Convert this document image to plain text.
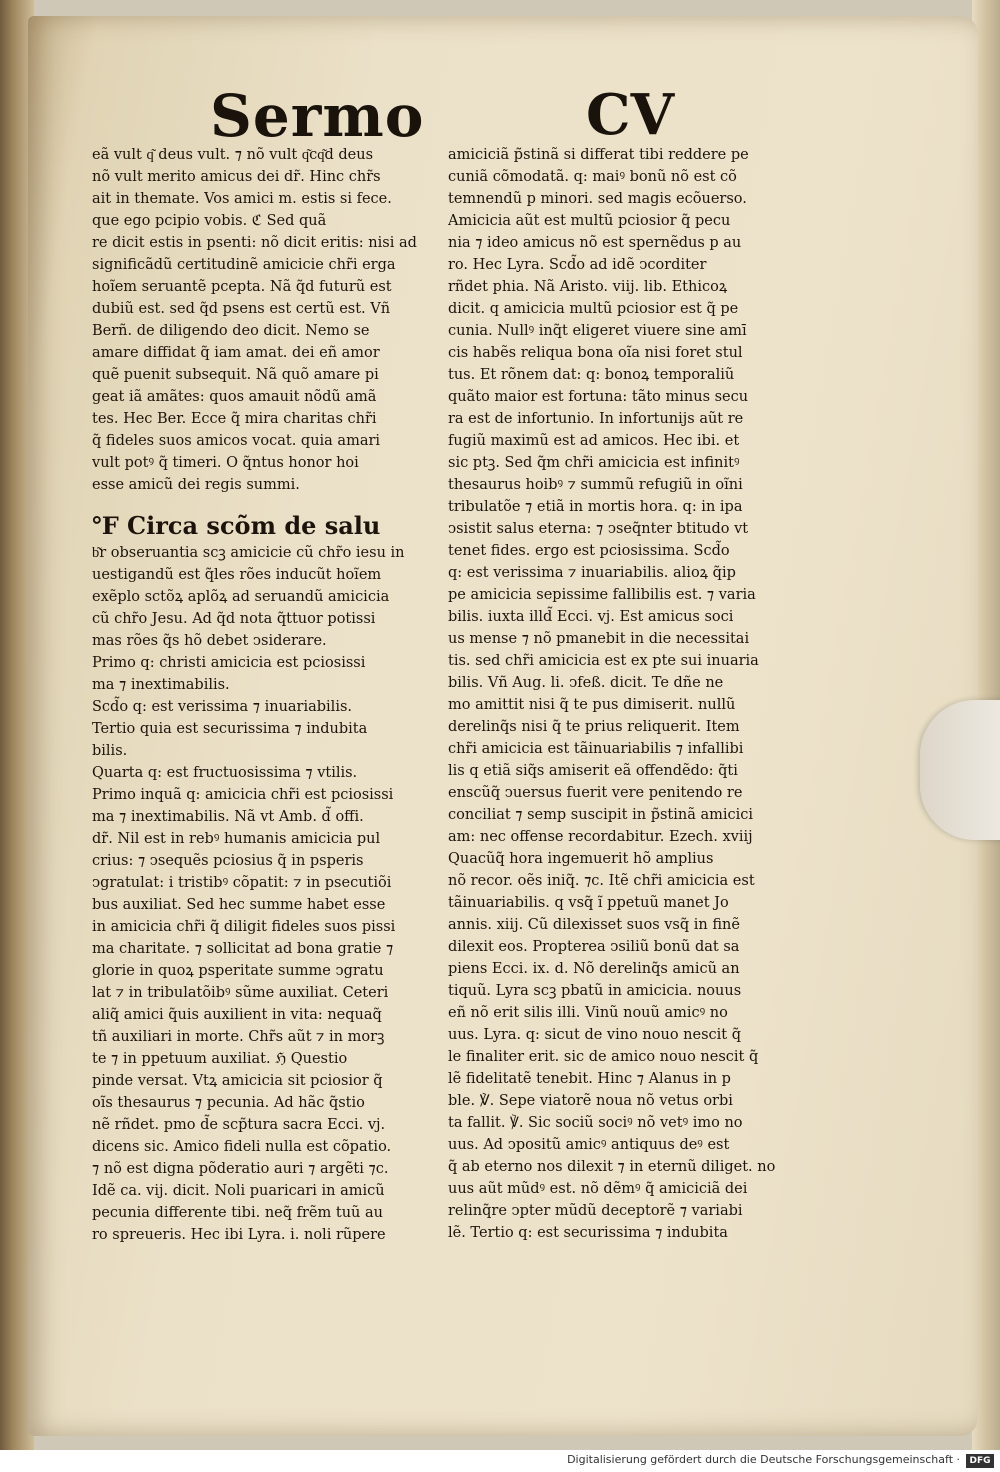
Sermo	CV
eã vult q͂ deus vult. ⁊ nõ vult q͂cq͂d deus
nõ vult merito amicus dei dr̃. Hinc chr̃s
ait in themate. Vos amici m. estis si fece.
que ego pcipio vobis. ℭ Sed quã
re dicit estis in psenti: nõ dicit eritis: nisi ad
significãdũ certitudinẽ amicicie chr̃i erga
hoĩem seruantẽ pcepta. Nã q̃d futurũ est
dubiũ est. sed q̃d psens est certũ est. Vñ
Berñ. de diligendo deo dicit. Nemo se
amare diffidat q̃ iam amat. dei eñ amor
quẽ puenit subsequit. Nã quõ amare pi
geat iã amãtes: quos amauit nõdũ amã
tes. Hec Ber. Ecce q̃ mira charitas chr̃i
q̃ fideles suos amicos vocat. quia amari
vult potꝰ q̃ timeri. O q̃ntus honor hoi
esse amicũ dei regis summi.
℉ Circa scõm de salu
b͂r obseruantia scꝫ amicicie cũ chr̃o iesu in
uestigandũ est q̃les rões inducũt hoĩem
exẽplo sctõꝝ aplõꝝ ad seruandũ amicicia
cũ chr̃o Jesu. Ad q̃d nota q̃ttuor potissi
mas rões q̃s hõ debet ↄsiderare.
Primo q: christi amicicia est pciosissi
ma ⁊ inextimabilis.
Scd̃o q: est verissima ⁊ inuariabilis.
Tertio quia est securissima ⁊ indubita
bilis.
Quarta q: est fructuosissima ⁊ vtilis.
Primo inquã q: amicicia chr̃i est pciosissi
ma ⁊ inextimabilis. Nã vt Amb. d̃ offi.
dr̃. Nil est in rebꝰ humanis amicicia pul
crius: ⁊ ↄsequẽs pciosius q̃ in psperis
ↄgratulat: i tristibꝰ cõpatit: ⁊ in psecutiõi
bus auxiliat. Sed hec summe habet esse
in amicicia chr̃i q̃ diligit fideles suos pissi
ma charitate. ⁊ sollicitat ad bona gratie ⁊
glorie in quoꝝ psperitate summe ↄgratu
lat ⁊ in tribulatõibꝰ sũme auxiliat. Ceteri
aliq̃ amici q̃uis auxilient in vita: nequaq̃
tñ auxiliari in morte. Chr̃s aũt ⁊ in morꝫ
te ⁊ in ppetuum auxiliat. ℌ Questio
pinde versat. Vtꝝ amicicia sit pciosior q̃
oĩs thesaurus ⁊ pecunia. Ad hãc q̃stio
nẽ rñdet. pmo d̃e scp̃tura sacra Ecci. vj.
dicens sic. Amico fideli nulla est cõpatio.
⁊ nõ est digna põderatio auri ⁊ argẽti ⁊c.
Idẽ ca. vij. dicit. Noli puaricari in amicũ
pecunia differente tibi. neq̃ frẽm tuũ au
ro spreueris. Hec ibi Lyra. i. noli rũpere
amiciciã p̃stinã si differat tibi reddere pe
cuniã cõmodatã. q: maiꝰ bonũ nõ est cõ
temnendũ p minori. sed magis ecõuerso.
Amicicia aũt est multũ pciosior q̃ pecu
nia ⁊ ideo amicus nõ est spernẽdus p au
ro. Hec Lyra. Scd̃o ad idẽ ↄcorditer
rñdet phia. Nã Aristo. viij. lib. Ethicoꝝ
dicit. q amicicia multũ pciosior est q̃ pe
cunia. Nullꝰ inq̃t eligeret viuere sine amī
cis habẽs reliqua bona oĩa nisi foret stul
tus. Et rõnem dat: q: bonoꝝ temporaliũ
quãto maior est fortuna: tãto minus secu
ra est de infortunio. In infortunijs aũt re
fugiũ maximũ est ad amicos. Hec ibi. et
sic ptꝫ. Sed q̃m chr̃i amicicia est infinitꝰ
thesaurus hoibꝰ ⁊ summũ refugiũ in oĩni
tribulatõe ⁊ etiã in mortis hora. q: in ipa
ↄsistit salus eterna: ⁊ ↄseq̃nter btitudo vt
tenet fides. ergo est pciosissima. Scd̃o
q: est verissima ⁊ inuariabilis. alioꝝ q̃ip
pe amicicia sepissime fallibilis est. ⁊ varia
bilis. iuxta illd̃ Ecci. vj. Est amicus soci
us mense ⁊ nõ pmanebit in die necessitai
tis. sed chr̃i amicicia est ex pte sui inuaria
bilis. Vñ Aug. li. ↄfeß. dicit. Te dñe ne
mo amittit nisi q̃ te pus dimiserit. nullũ
derelinq̃s nisi q̃ te prius reliquerit. Item
chr̃i amicicia est tãinuariabilis ⁊ infallibi
lis q etiã siq̃s amiserit eã offendẽdo: q̃ti
enscũq̃ ↄuersus fuerit vere penitendo re
conciliat ⁊ semp suscipit in p̃stinã amicici
am: nec offense recordabitur. Ezech. xviij
Quacũq̃ hora ingemuerit hõ amplius
nõ recor. oẽs iniq̃. ⁊c. Itẽ chr̃i amicicia est
tãinuariabilis. q vsq̃ ĩ ppetuũ manet Jo
annis. xiij. Cũ dilexisset suos vsq̃ in finẽ
dilexit eos. Propterea ↄsiliũ bonũ dat sa
piens Ecci. ix. d. Nõ derelinq̃s amicũ an
tiquũ. Lyra scꝫ pbatũ in amicicia. nouus
eñ nõ erit silis illi. Vinũ nouũ amicꝰ no
uus. Lyra. q: sicut de vino nouo nescit q̃
le finaliter erit. sic de amico nouo nescit q̃
lẽ fidelitatẽ tenebit. Hinc ⁊ Alanus in p
ble. ℣. Sepe viatorẽ noua nõ vetus orbi
ta fallit. ℣. Sic sociũ sociꝰ nõ vetꝰ imo no
uus. Ad ↄpositũ amicꝰ antiquus deꝰ est
q̃ ab eterno nos dilexit ⁊ in eternũ diliget. no
uus aũt mũdꝰ est. nõ dẽmꝰ q̃ amiciciã dei
relinq̃re ↄpter mũdũ deceptorẽ ⁊ variabi
lẽ. Tertio q: est securissima ⁊ indubita
Digitalisierung gefördert durch die Deutsche Forschungsgemeinschaft ·	DFG
